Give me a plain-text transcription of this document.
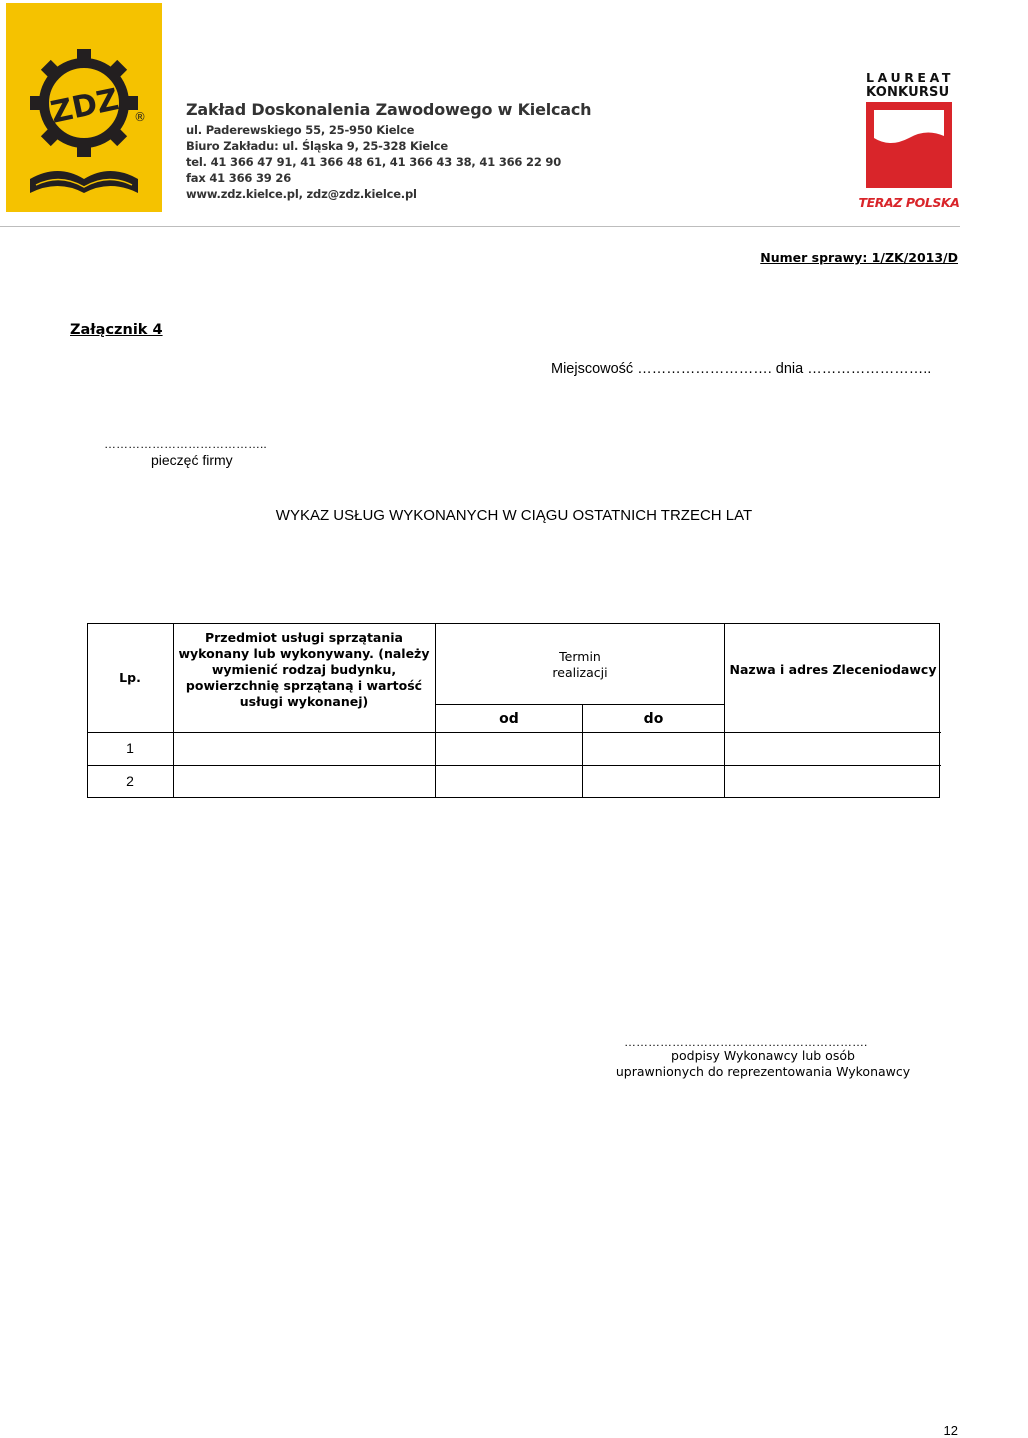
ZDZ ®	Zakład Doskonalenia Zawodowego w Kielcach
ul. Paderewskiego 55, 25-950 Kielce
Biuro Zakładu: ul. Śląska 9, 25-328 Kielce
tel. 41 366 47 91, 41 366 48 61, 41 366 43 38, 41 366 22 90
fax 41 366 39 26
www.zdz.kielce.pl, zdz@zdz.kielce.pl
LAUREAT
KONKURSU
TERAZ POLSKA
Numer sprawy: 1/ZK/2013/D
Załącznik 4
Miejscowość ………………………. dnia ……………………..
…………………………………..
pieczęć firmy
WYKAZ USŁUG WYKONANYCH W CIĄGU OSTATNICH TRZECH LAT
Lp.
Przedmiot usługi sprzątania wykonany lub wykonywany. (należy wymienić rodzaj budynku, powierzchnię sprzątaną i wartość usługi wykonanej)
Termin
realizacji
od	do
Nazwa i adres Zleceniodawcy
1
2
…………………………………………………….
podpisy Wykonawcy lub osób
uprawnionych do reprezentowania Wykonawcy
12
